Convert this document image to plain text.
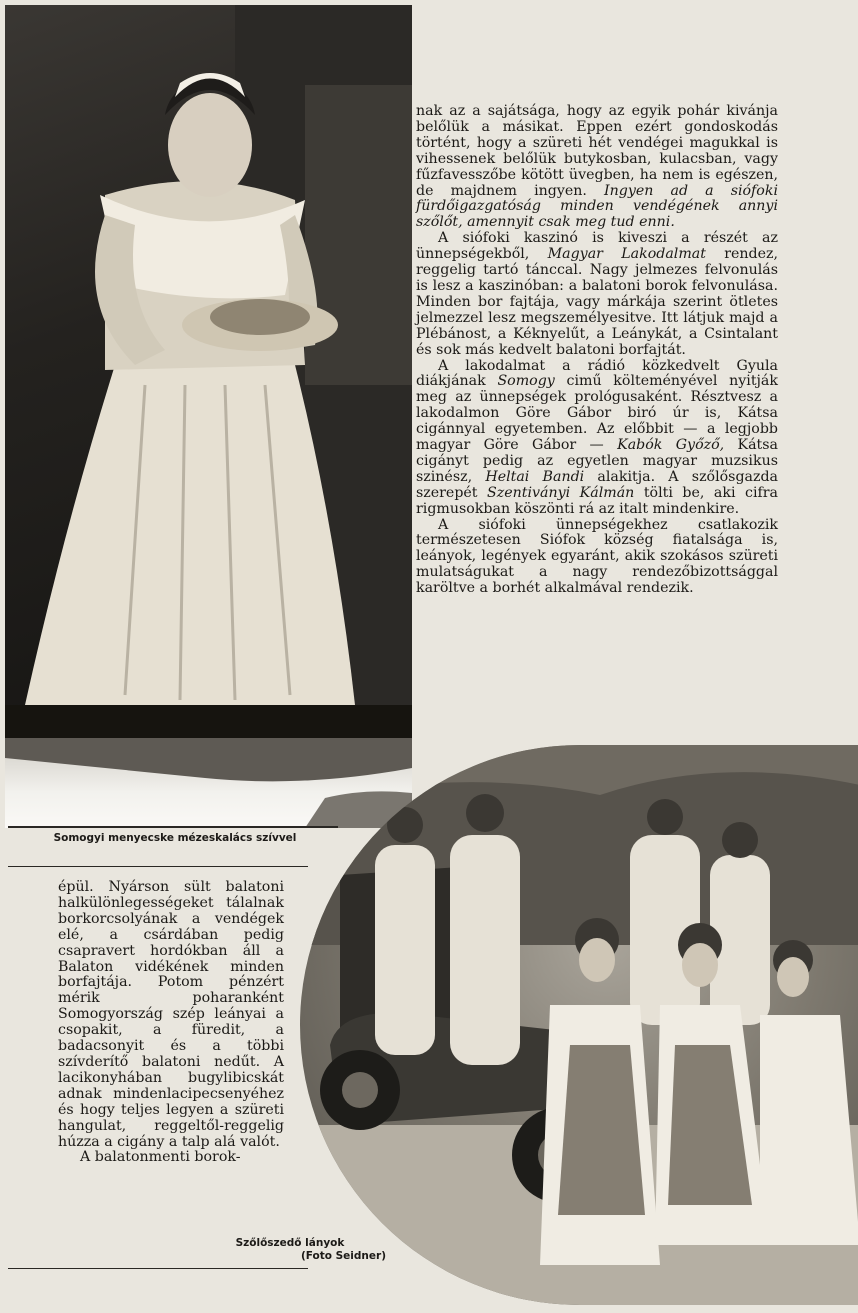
Somogyi menyecske mézeskalács szívvel

nak az a sajátsága, hogy az egyik pohár kivánja belőlük a másikat. Eppen ezért gondoskodás történt, hogy a szüreti hét vendégei magukkal is vihessenek belőlük butykosban, kulacsban, vagy fűzfavesszőbe kötött üvegben, ha nem is egészen, de majdnem ingyen. Ingyen ad a siófoki fürdőigazgatóság minden vendégének annyi szőlőt, amennyit csak meg tud enni.

A siófoki kaszinó is kiveszi a részét az ünnepségekből, Magyar Lakodalmat rendez, reggelig tartó tánccal. Nagy jelmezes felvonulás is lesz a kaszinóban: a balatoni borok felvonulása. Minden bor fajtája, vagy márkája szerint ötletes jelmezzel lesz megszemélyesitve. Itt látjuk majd a Plébánost, a Kéknyelűt, a Leánykát, a Csintalant és sok más kedvelt balatoni borfajtát.

A lakodalmat a rádió közkedvelt Gyula diákjának Somogy cimű költeményével nyitják meg az ünnepségek prológusaként. Résztvesz a lakodalmon Göre Gábor biró úr is, Kátsa cigánnyal egyetemben. Az előbbit — a legjobb magyar Göre Gábor — Kabók Győző, Kátsa cigányt pedig az egyetlen magyar muzsikus szinész, Heltai Bandi alakitja. A szőlősgazda szerepét Szentiványi Kálmán tölti be, aki cifra rigmusokban köszönti rá az italt mindenkire.

A siófoki ünnepségekhez csatlakozik természetesen Siófok község fiatalsága is, leányok, legények egyaránt, akik szokásos szüreti mulatságukat a nagy rendezőbizottsággal karöltve a borhét alkalmával rendezik.

épül. Nyárson sült balatoni halkülönlegességeket tálalnak borkorcsolyának a vendégek elé, a csárdában pedig csapravert hordókban áll a Balaton vidékének minden borfajtája. Potom pénzért mérik poharanként Somogyország szép leányai a csopakit, a füredit, a badacsonyit és a többi szívderítő balatoni nedűt. A lacikonyhában bugylibicskát adnak mindenlacipecsenyéhez és hogy teljes legyen a szüreti hangulat, reggeltől-reggelig húzza a cigány a talp alá valót.

A balatonmenti borok-

Szőlőszedő lányok
(Foto Seidner)
